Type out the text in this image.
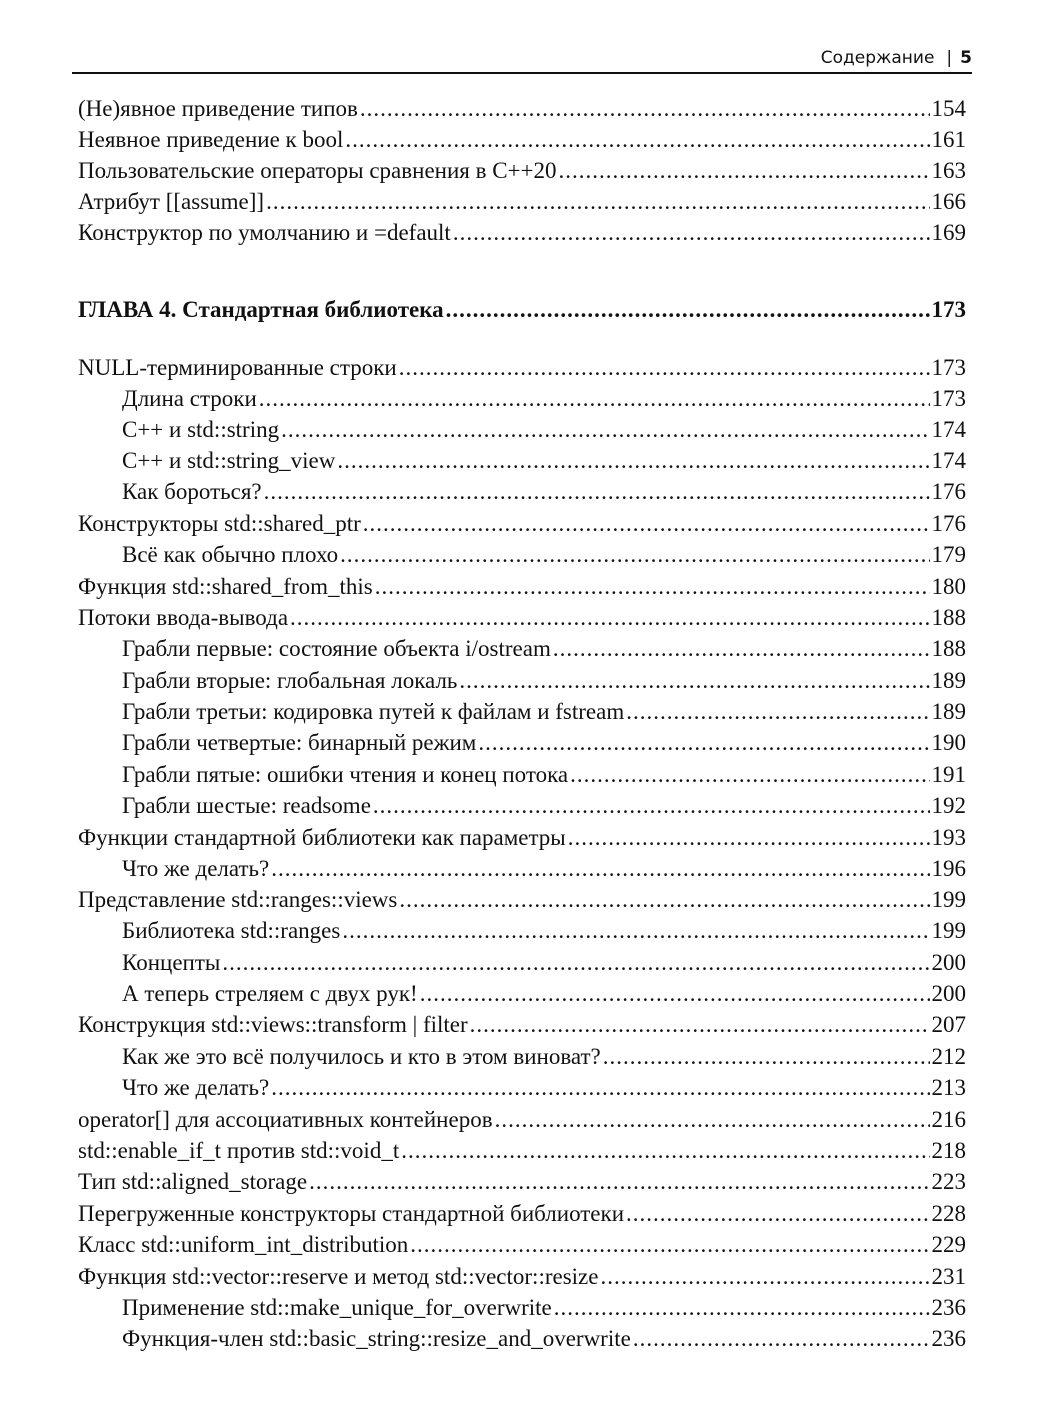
Содержание | 5
(Не)явное приведение типов .....	154
Неявное приведение к bool .....	161
Пользовательские операторы сравнения в C++20 .....	163
Атрибут [[assume]] .....	166
Конструктор по умолчанию и =default .....	169
ГЛАВА 4. Стандартная библиотека .....	173
NULL-терминированные строки .....	173
Длина строки .....	173
C++ и std::string .....	174
C++ и std::string_view .....	174
Как бороться? .....	176
Конструкторы std::shared_ptr .....	176
Всё как обычно плохо .....	179
Функция std::shared_from_this .....	180
Потоки ввода-вывода .....	188
Грабли первые: состояние объекта i/ostream .....	188
Грабли вторые: глобальная локаль .....	189
Грабли третьи: кодировка путей к файлам и fstream .....	189
Грабли четвертые: бинарный режим .....	190
Грабли пятые: ошибки чтения и конец потока .....	191
Грабли шестые: readsome .....	192
Функции стандартной библиотеки как параметры .....	193
Что же делать? .....	196
Представление std::ranges::views .....	199
Библиотека std::ranges .....	199
Концепты .....	200
А теперь стреляем с двух рук! .....	200
Конструкция std::views::transform | filter .....	207
Как же это всё получилось и кто в этом виноват? .....	212
Что же делать? .....	213
operator[] для ассоциативных контейнеров .....	216
std::enable_if_t против std::void_t .....	218
Тип std::aligned_storage .....	223
Перегруженные конструкторы стандартной библиотеки .....	228
Класс std::uniform_int_distribution .....	229
Функция std::vector::reserve и метод std::vector::resize .....	231
Применение std::make_unique_for_overwrite .....	236
Функция-член std::basic_string::resize_and_overwrite .....	236
